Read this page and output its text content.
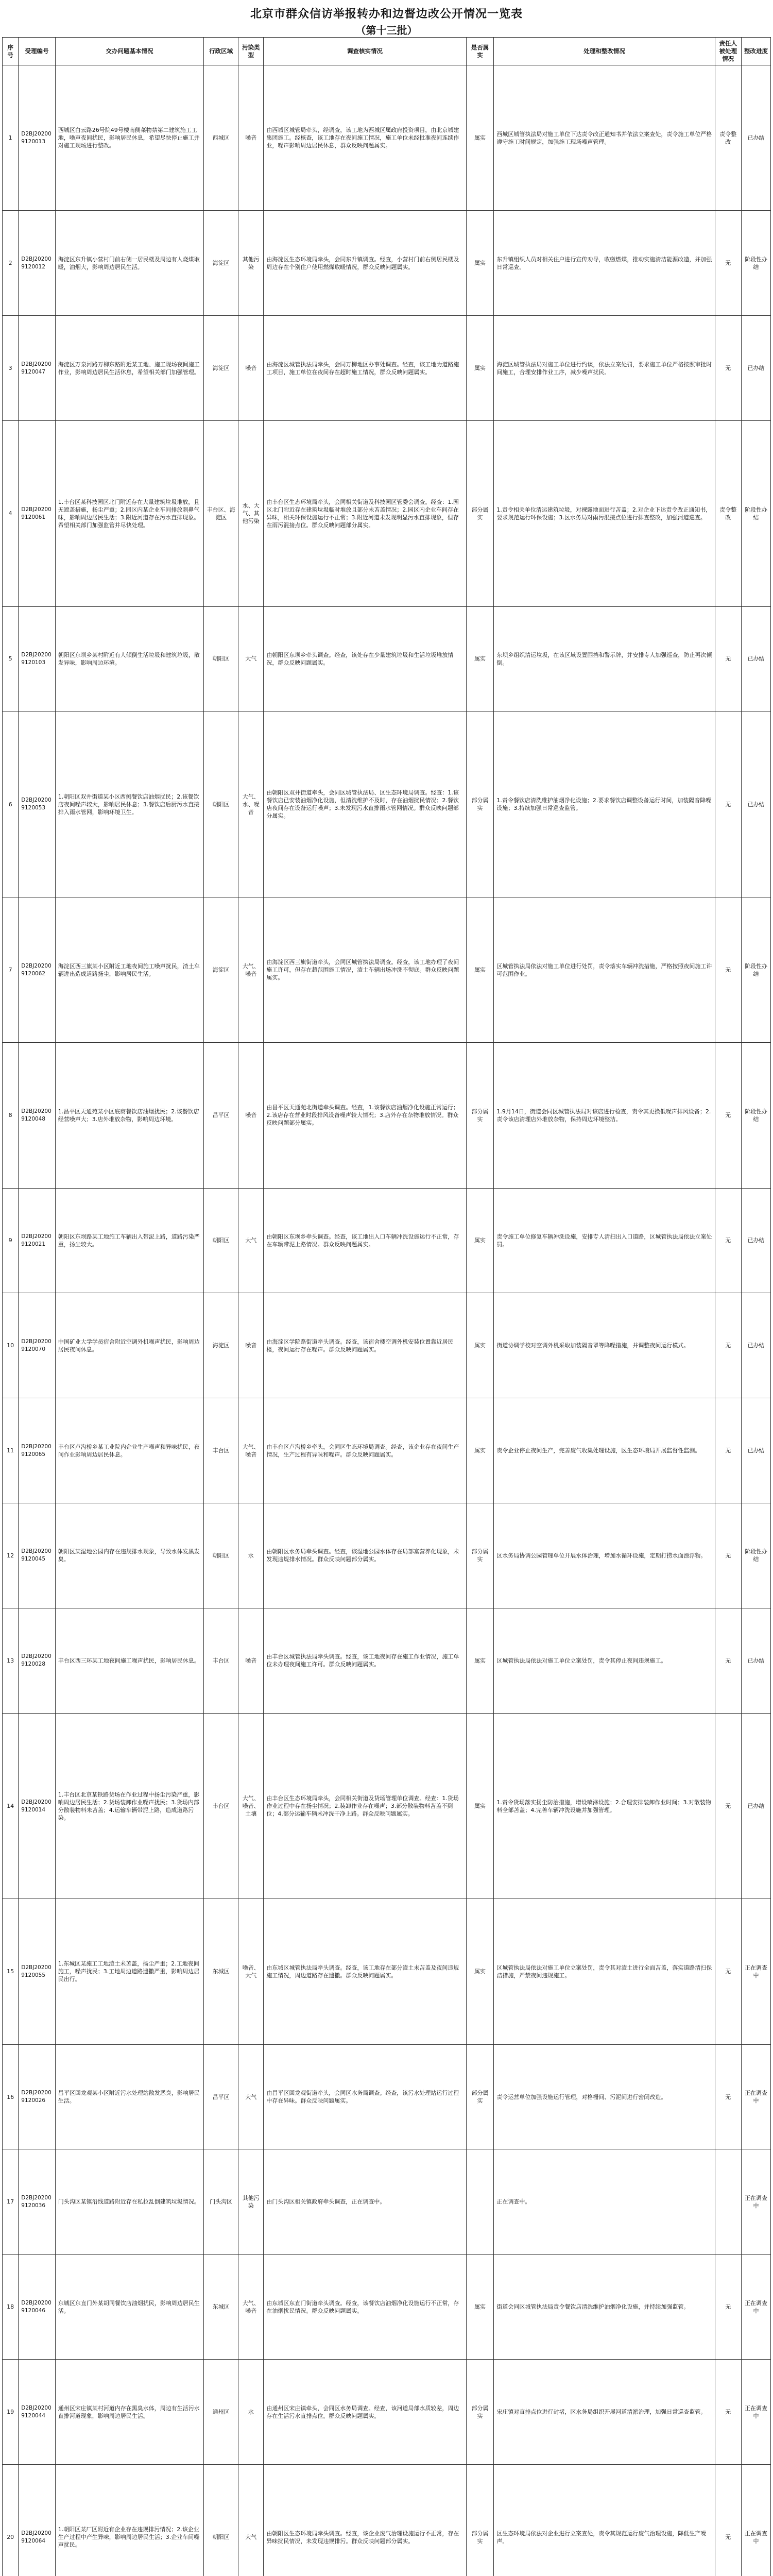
北京市群众信访举报转办和边督边改公开情况一览表
（第十三批）
序号	受理编号	交办问题基本情况	行政区域	污染类型	调查核实情况	是否属实	处理和整改情况	责任人被处理情况	整改进度
1	D2BJ202009120013	西城区白云路26号院49号楼南侧菜物禁第二建筑施工工地，噪声夜间扰民，影响居民休息，希望尽快停止施工并对施工现场进行整改。	西城区	噪音	由西城区城管局牵头，经调查，该工地为西城区属政府投资项目，由北京城建集团施工。经核查，该工地存在夜间施工情况，施工单位未经批准夜间连续作业，噪声影响周边居民休息，群众反映问题属实。	属实	西城区城管执法局对施工单位下达责令改正通知书并依法立案查处，责令施工单位严格遵守施工时间规定，加强施工现场噪声管理。	责令整改	已办结
2	D2BJ202009120012	海淀区东升镇小营村门前右侧一居民楼及周边有人烧煤取暖，油烟大，影响周边居民生活。	海淀区	其他污染	由海淀区生态环境局牵头，会同东升镇调查。经查，小营村门前右侧居民楼及周边存在个别住户使用燃煤取暖情况，群众反映问题属实。	属实	东升镇组织人员对相关住户进行宣传劝导，收缴燃煤，推动实施清洁能源改造，并加强日常巡查。	无	阶段性办结
3	D2BJ202009120047	海淀区万泉河路万柳东路附近某工地、施工现场夜间施工作业，影响周边居民生活休息，希望相关部门加强管理。	海淀区	噪音	由海淀区城管执法局牵头，会同万柳地区办事处调查。经查，该工地为道路施工项目，施工单位在夜间存在超时施工情况，群众反映问题属实。	属实	海淀区城管执法局对施工单位进行约谈，依法立案处罚，要求施工单位严格按照审批时间施工，合理安排作业工序，减少噪声扰民。	无	已办结
4	D2BJ202009120061	1.丰台区某科技园区北门附近存在大量建筑垃圾堆放，且无遮盖措施，扬尘严重；2.园区内某企业车间排放刺鼻气味，影响周边居民生活；3.附近河道存在污水直排现象。希望相关部门加强监管并尽快处理。	丰台区、海淀区	水、大气、其他污染	由丰台区生态环境局牵头，会同相关街道及科技园区管委会调查。经查：1.园区北门附近存在建筑垃圾临时堆放且部分未苫盖情况；2.园区内企业车间存在异味，相关环保设施运行不正常；3.附近河道未发现明显污水直排现象，但存在雨污混接点位。群众反映问题部分属实。	部分属实	1.责令相关单位清运建筑垃圾，对裸露地面进行苫盖；2.对企业下达责令改正通知书，要求规范运行环保设施；3.区水务局对雨污混接点位进行排查整改，加强河道巡查。	责令整改	阶段性办结
5	D2BJ202009120103	朝阳区东坝乡某村附近有人倾倒生活垃圾和建筑垃圾，散发异味，影响周边环境。	朝阳区	大气	由朝阳区东坝乡牵头调查。经查，该处存在少量建筑垃圾和生活垃圾堆放情况，群众反映问题属实。	属实	东坝乡组织清运垃圾，在该区域设置围挡和警示牌，并安排专人加强巡查，防止再次倾倒。	无	已办结
6	D2BJ202009120053	1.朝阳区双井街道某小区西侧餐饮店油烟扰民；2.该餐饮店夜间噪声较大，影响居民休息；3.餐饮店后厨污水直接排入雨水管网，影响环境卫生。	朝阳区	大气、水、噪音	由朝阳区双井街道牵头，会同区城管执法局、区生态环境局调查。经查：1.该餐饮店已安装油烟净化设施，但清洗维护不及时，存在油烟扰民情况；2.餐饮店夜间存在设备运行噪声；3.未发现污水直排雨水管网情况。群众反映问题部分属实。	部分属实	1.责令餐饮店清洗维护油烟净化设施；2.要求餐饮店调整设备运行时间，加装隔音降噪设施；3.持续加强日常巡查监管。	无	已办结
7	D2BJ202009120062	海淀区西三旗某小区附近工地夜间施工噪声扰民，渣土车辆进出造成道路扬尘，影响居民生活。	海淀区	大气、噪音	由海淀区西三旗街道牵头，会同区城管执法局调查。经查，该工地办理了夜间施工许可，但存在超范围施工情况，渣土车辆出场冲洗不彻底。群众反映问题属实。	属实	区城管执法局依法对施工单位进行处罚，责令落实车辆冲洗措施，严格按照夜间施工许可范围作业。	无	阶段性办结
8	D2BJ202009120048	1.昌平区天通苑某小区底商餐饮店油烟扰民；2.该餐饮店经营噪声大；3.店外堆放杂物，影响周边环境。	昌平区	噪音	由昌平区天通苑北街道牵头调查。经查，1.该餐饮店油烟净化设施正常运行；2.该店存在营业时段排风设备噪声较大情况；3.店外存在杂物堆放情况。群众反映问题部分属实。	部分属实	1.9月14日，街道会同区城管执法局对该店进行检查，责令其更换低噪声排风设备；2.责令该店清理店外堆放杂物，保持周边环境整洁。	无	阶段性办结
9	D2BJ202009120021	朝阳区东坝路某工地施工车辆出入带泥上路，道路污染严重，扬尘较大。	朝阳区	大气	由朝阳区东坝乡牵头调查。经查，该工地出入口车辆冲洗设施运行不正常，存在车辆带泥上路情况。群众反映问题属实。	属实	责令施工单位修复车辆冲洗设施，安排专人清扫出入口道路，区城管执法局依法立案处罚。	无	已办结
10	D2BJ202009120070	中国矿业大学学员宿舍附近空调外机噪声扰民，影响周边居民夜间休息。	海淀区	噪音	由海淀区学院路街道牵头调查。经查，该宿舍楼空调外机安装位置靠近居民楼，夜间运行存在噪声。群众反映问题属实。	属实	街道协调学校对空调外机采取加装隔音罩等降噪措施，并调整夜间运行模式。	无	已办结
11	D2BJ202009120065	丰台区卢沟桥乡某工业院内企业生产噪声和异味扰民，夜间作业影响周边居民休息。	丰台区	大气、噪音	由丰台区卢沟桥乡牵头，会同区生态环境局调查。经查，该企业存在夜间生产情况，生产过程有异味和噪声。群众反映问题属实。	属实	责令企业停止夜间生产，完善废气收集处理设施，区生态环境局开展监督性监测。	无	已办结
12	D2BJ202009120045	朝阳区某湿地公园内存在违规排水现象，导致水体发黑发臭。	朝阳区	水	由朝阳区水务局牵头调查。经查，该湿地公园水体存在局部富营养化现象，未发现违规排水情况。群众反映问题部分属实。	部分属实	区水务局协调公园管理单位开展水体治理，增加水循环设施，定期打捞水面漂浮物。	无	阶段性办结
13	D2BJ202009120028	丰台区西三环某工地夜间施工噪声扰民，影响居民休息。	丰台区	噪音	由丰台区城管执法局牵头调查。经查，该工地夜间存在施工作业情况，施工单位未办理夜间施工许可。群众反映问题属实。	属实	区城管执法局依法对施工单位立案处罚，责令其停止夜间违规施工。	无	已办结
14	D2BJ202009120014	1.丰台区北京某铁路货场在作业过程中扬尘污染严重，影响周边居民生活；2.货场装卸作业噪声扰民；3.货场内部分散装物料未苫盖；4.运输车辆带泥上路，造成道路污染。	丰台区	大气、噪音、土壤	由丰台区生态环境局牵头，会同相关街道及货场管理单位调查。经查：1.货场作业过程中存在扬尘情况；2.装卸作业存在噪声；3.部分散装物料苫盖不到位；4.部分运输车辆未冲洗干净上路。群众反映问题属实。	属实	1.责令货场落实扬尘防治措施，增设喷淋设施；2.合理安排装卸作业时间；3.对散装物料全部苫盖；4.完善车辆冲洗设施并加强管理。	无	已办结
15	D2BJ202009120055	1.东城区某施工工地渣土未苫盖，扬尘严重；2.工地夜间施工，噪声扰民；3.工地周边道路遗撒严重，影响周边居民出行。	东城区	噪音、大气	由东城区城管执法局牵头调查。经查，该工地存在部分渣土未苫盖及夜间违规施工情况，周边道路存在遗撒。群众反映问题属实。	属实	区城管执法局依法对施工单位立案处罚，责令其对渣土进行全面苫盖，落实道路清扫保洁措施，严禁夜间违规施工。	无	正在调查中
16	D2BJ202009120026	昌平区回龙观某小区附近污水处理站散发恶臭，影响居民生活。	昌平区	大气	由昌平区回龙观街道牵头，会同区水务局调查。经查，该污水处理站运行过程中存在异味。群众反映问题属实。	部分属实	责令运营单位加强设施运行管理，对格栅间、污泥间进行密闭改造。	无	正在调查中
17	D2BJ202009120036	门头沟区某镇沿线道路附近存在私拉乱倒建筑垃圾情况。	门头沟区	其他污染	由门头沟区相关镇政府牵头调查，正在调查中。		正在调查中。		正在调查中
18	D2BJ202009120046	东城区东直门外某胡同餐饮店油烟扰民，影响周边居民生活。	东城区	大气、噪音	由东城区东直门街道牵头调查。经查，该餐饮店油烟净化设施运行不正常，存在油烟扰民情况。群众反映问题属实。	属实	街道会同区城管执法局责令餐饮店清洗维护油烟净化设施，并持续加强监管。	无	正在调查中
19	D2BJ202009120044	通州区宋庄镇某村河道内存在黑臭水体，周边有生活污水直排河道现象，影响周边居民生活。	通州区	水	由通州区宋庄镇牵头，会同区水务局调查。经查，该河道局部水质较差，周边存在生活污水直排点位。群众反映问题属实。	部分属实	宋庄镇对直排点位进行封堵，区水务局组织开展河道清淤治理，加强日常巡查监管。	无	正在调查中
20	D2BJ202009120064	1.朝阳区某厂区附近有企业存在违规排污情况；2.该企业生产过程中产生异味，影响周边居民生活；3.企业车间噪声扰民。	朝阳区	大气	由朝阳区生态环境局牵头调查。经查，该企业废气治理设施运行不正常，存在异味扰民情况，未发现违规排污。群众反映问题部分属实。	部分属实	区生态环境局依法对企业进行立案查处，责令其规范运行废气治理设施，降低生产噪声。	无	正在调查中
